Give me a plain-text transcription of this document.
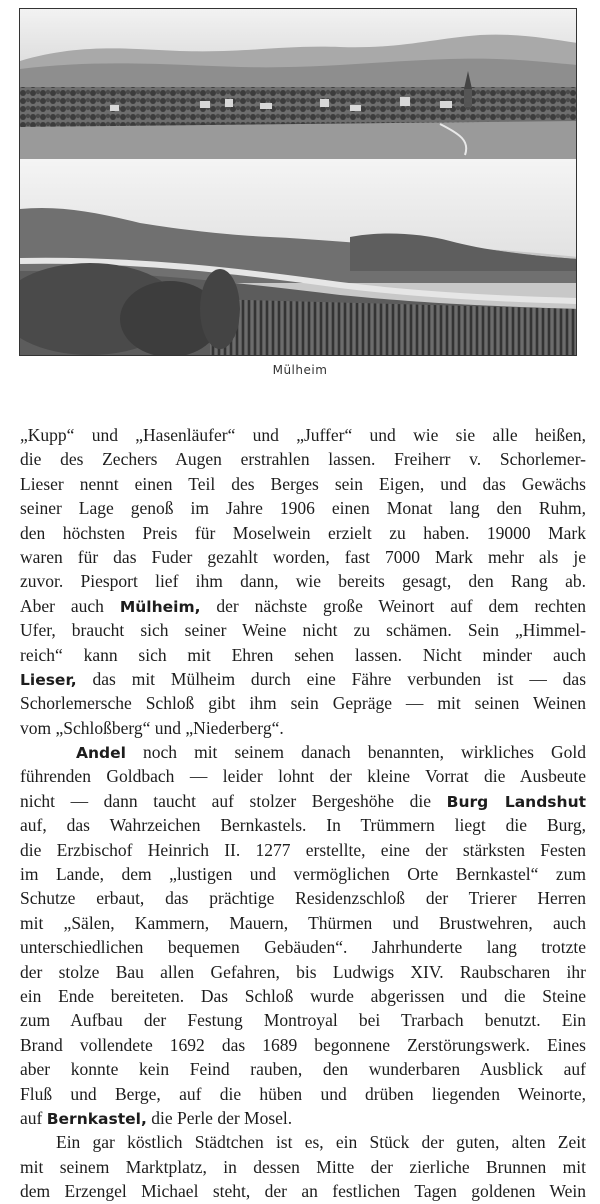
Mülheim
„Kupp“ und „Hasenläufer“ und „Juffer“ und wie sie alle heißen,
die des Zechers Augen erstrahlen lassen. Freiherr v. Schorlemer-
Lieser nennt einen Teil des Berges sein Eigen, und das Gewächs
seiner Lage genoß im Jahre 1906 einen Monat lang den Ruhm,
den höchsten Preis für Moselwein erzielt zu haben. 19000 Mark
waren für das Fuder gezahlt worden, fast 7000 Mark mehr als je
zuvor. Piesport lief ihm dann, wie bereits gesagt, den Rang ab.
Aber auch Mülheim, der nächste große Weinort auf dem rechten
Ufer, braucht sich seiner Weine nicht zu schämen. Sein „Himmel-
reich“ kann sich mit Ehren sehen lassen. Nicht minder auch
Lieser, das mit Mülheim durch eine Fähre verbunden ist — das
Schorlemersche Schloß gibt ihm sein Gepräge — mit seinen Weinen
vom „Schloßberg“ und „Niederberg“.
Andel noch mit seinem danach benannten, wirkliches Gold
führenden Goldbach — leider lohnt der kleine Vorrat die Ausbeute
nicht — dann taucht auf stolzer Bergeshöhe die Burg Landshut
auf, das Wahrzeichen Bernkastels. In Trümmern liegt die Burg,
die Erzbischof Heinrich II. 1277 erstellte, eine der stärksten Festen
im Lande, dem „lustigen und vermöglichen Orte Bernkastel“ zum
Schutze erbaut, das prächtige Residenzschloß der Trierer Herren
mit „Sälen, Kammern, Mauern, Thürmen und Brustwehren, auch
unterschiedlichen bequemen Gebäuden“. Jahrhunderte lang trotzte
der stolze Bau allen Gefahren, bis Ludwigs XIV. Raubscharen ihr
ein Ende bereiteten. Das Schloß wurde abgerissen und die Steine
zum Aufbau der Festung Montroyal bei Trarbach benutzt. Ein
Brand vollendete 1692 das 1689 begonnene Zerstörungswerk. Eines
aber konnte kein Feind rauben, den wunderbaren Ausblick auf
Fluß und Berge, auf die hüben und drüben liegenden Weinorte,
auf Bernkastel, die Perle der Mosel.
Ein gar köstlich Städtchen ist es, ein Stück der guten, alten Zeit
mit seinem Marktplatz, in dessen Mitte der zierliche Brunnen mit
dem Erzengel Michael steht, der an festlichen Tagen goldenen Wein
